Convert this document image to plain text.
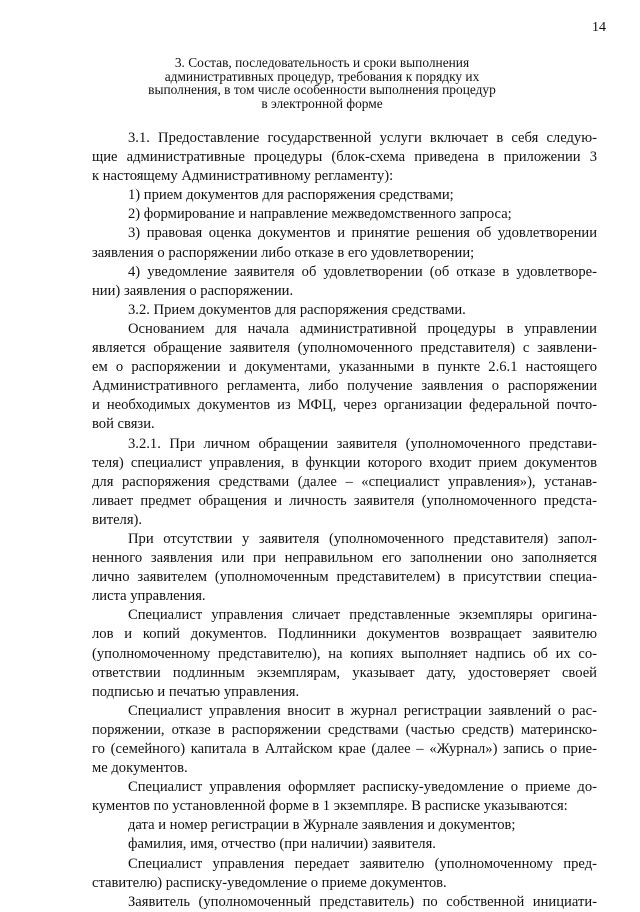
14
3. Состав, последовательность и сроки выполнения
административных процедур, требования к порядку их
выполнения, в том числе особенности выполнения процедур
в электронной форме
3.1. Предоставление государственной услуги включает в себя следую-
щие административные процедуры (блок-схема приведена в приложении 3
к настоящему Административному регламенту):
1) прием документов для распоряжения средствами;
2) формирование и направление межведомственного запроса;
3) правовая оценка документов и принятие решения об удовлетворении
заявления о распоряжении либо отказе в его удовлетворении;
4) уведомление заявителя об удовлетворении (об отказе в удовлетворе-
нии) заявления о распоряжении.
3.2. Прием документов для распоряжения средствами.
Основанием для начала административной процедуры в управлении
является обращение заявителя (уполномоченного представителя) с заявлени-
ем о распоряжении и документами, указанными в пункте 2.6.1 настоящего
Административного регламента, либо получение заявления о распоряжении
и необходимых документов из МФЦ, через организации федеральной почто-
вой связи.
3.2.1. При личном обращении заявителя (уполномоченного представи-
теля) специалист управления, в функции которого входит прием документов
для распоряжения средствами (далее – «специалист управления»), устанав-
ливает предмет обращения и личность заявителя (уполномоченного предста-
вителя).
При отсутствии у заявителя (уполномоченного представителя) запол-
ненного заявления или при неправильном его заполнении оно заполняется
лично заявителем (уполномоченным представителем) в присутствии специа-
листа управления.
Специалист управления сличает представленные экземпляры оригина-
лов и копий документов. Подлинники документов возвращает заявителю
(уполномоченному представителю), на копиях выполняет надпись об их со-
ответствии подлинным экземплярам, указывает дату, удостоверяет своей
подписью и печатью управления.
Специалист управления вносит в журнал регистрации заявлений о рас-
поряжении, отказе в распоряжении средствами (частью средств) материнско-
го (семейного) капитала в Алтайском крае (далее – «Журнал») запись о прие-
ме документов.
Специалист управления оформляет расписку-уведомление о приеме до-
кументов по установленной форме в 1 экземпляре. В расписке указываются:
дата и номер регистрации в Журнале заявления и документов;
фамилия, имя, отчество (при наличии) заявителя.
Специалист управления передает заявителю (уполномоченному пред-
ставителю) расписку-уведомление о приеме документов.
Заявитель (уполномоченный представитель) по собственной инициати-
